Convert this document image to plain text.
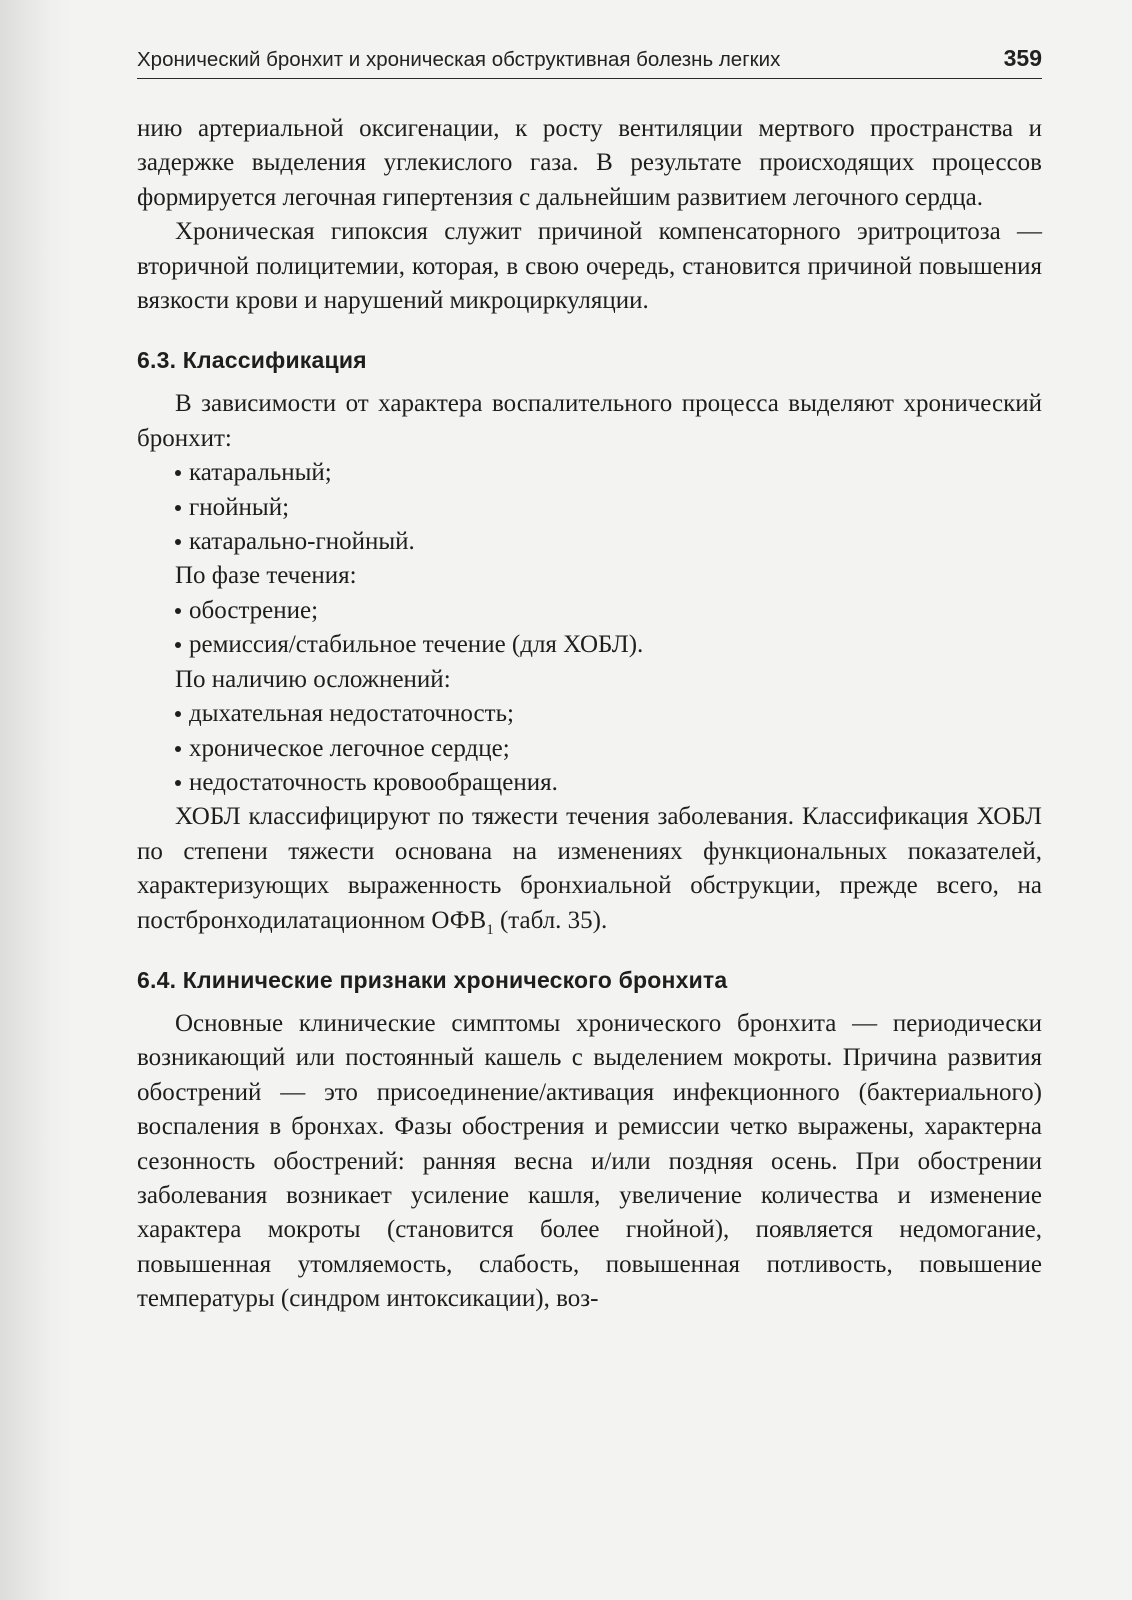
Хронический бронхит и хроническая обструктивная болезнь легких	359

нию артериальной оксигенации, к росту вентиляции мертвого пространства и задержке выделения углекислого газа. В результате происходящих процессов формируется легочная гипертензия с дальнейшим развитием легочного сердца.

Хроническая гипоксия служит причиной компенсаторного эритроцитоза — вторичной полицитемии, которая, в свою очередь, становится причиной повышения вязкости крови и нарушений микроциркуляции.

6.3. Классификация

В зависимости от характера воспалительного процесса выделяют хронический бронхит:

катаральный;
гнойный;
катарально-гнойный.
По фазе течения:
обострение;
ремиссия/стабильное течение (для ХОБЛ).
По наличию осложнений:
дыхательная недостаточность;
хроническое легочное сердце;
недостаточность кровообращения.

ХОБЛ классифицируют по тяжести течения заболевания. Классификация ХОБЛ по степени тяжести основана на изменениях функциональных показателей, характеризующих выраженность бронхиальной обструкции, прежде всего, на постбронходилатационном $ОФВ_1$ (табл. 35).

6.4. Клинические признаки хронического бронхита

Основные клинические симптомы хронического бронхита — периодически возникающий или постоянный кашель с выделением мокроты. Причина развития обострений — это присоединение/активация инфекционного (бактериального) воспаления в бронхах. Фазы обострения и ремиссии четко выражены, характерна сезонность обострений: ранняя весна и/или поздняя осень. При обострении заболевания возникает усиление кашля, увеличение количества и изменение характера мокроты (становится более гнойной), появляется недомогание, повышенная утомляемость, слабость, повышенная потливость, повышение температуры (синдром интоксикации), воз-
